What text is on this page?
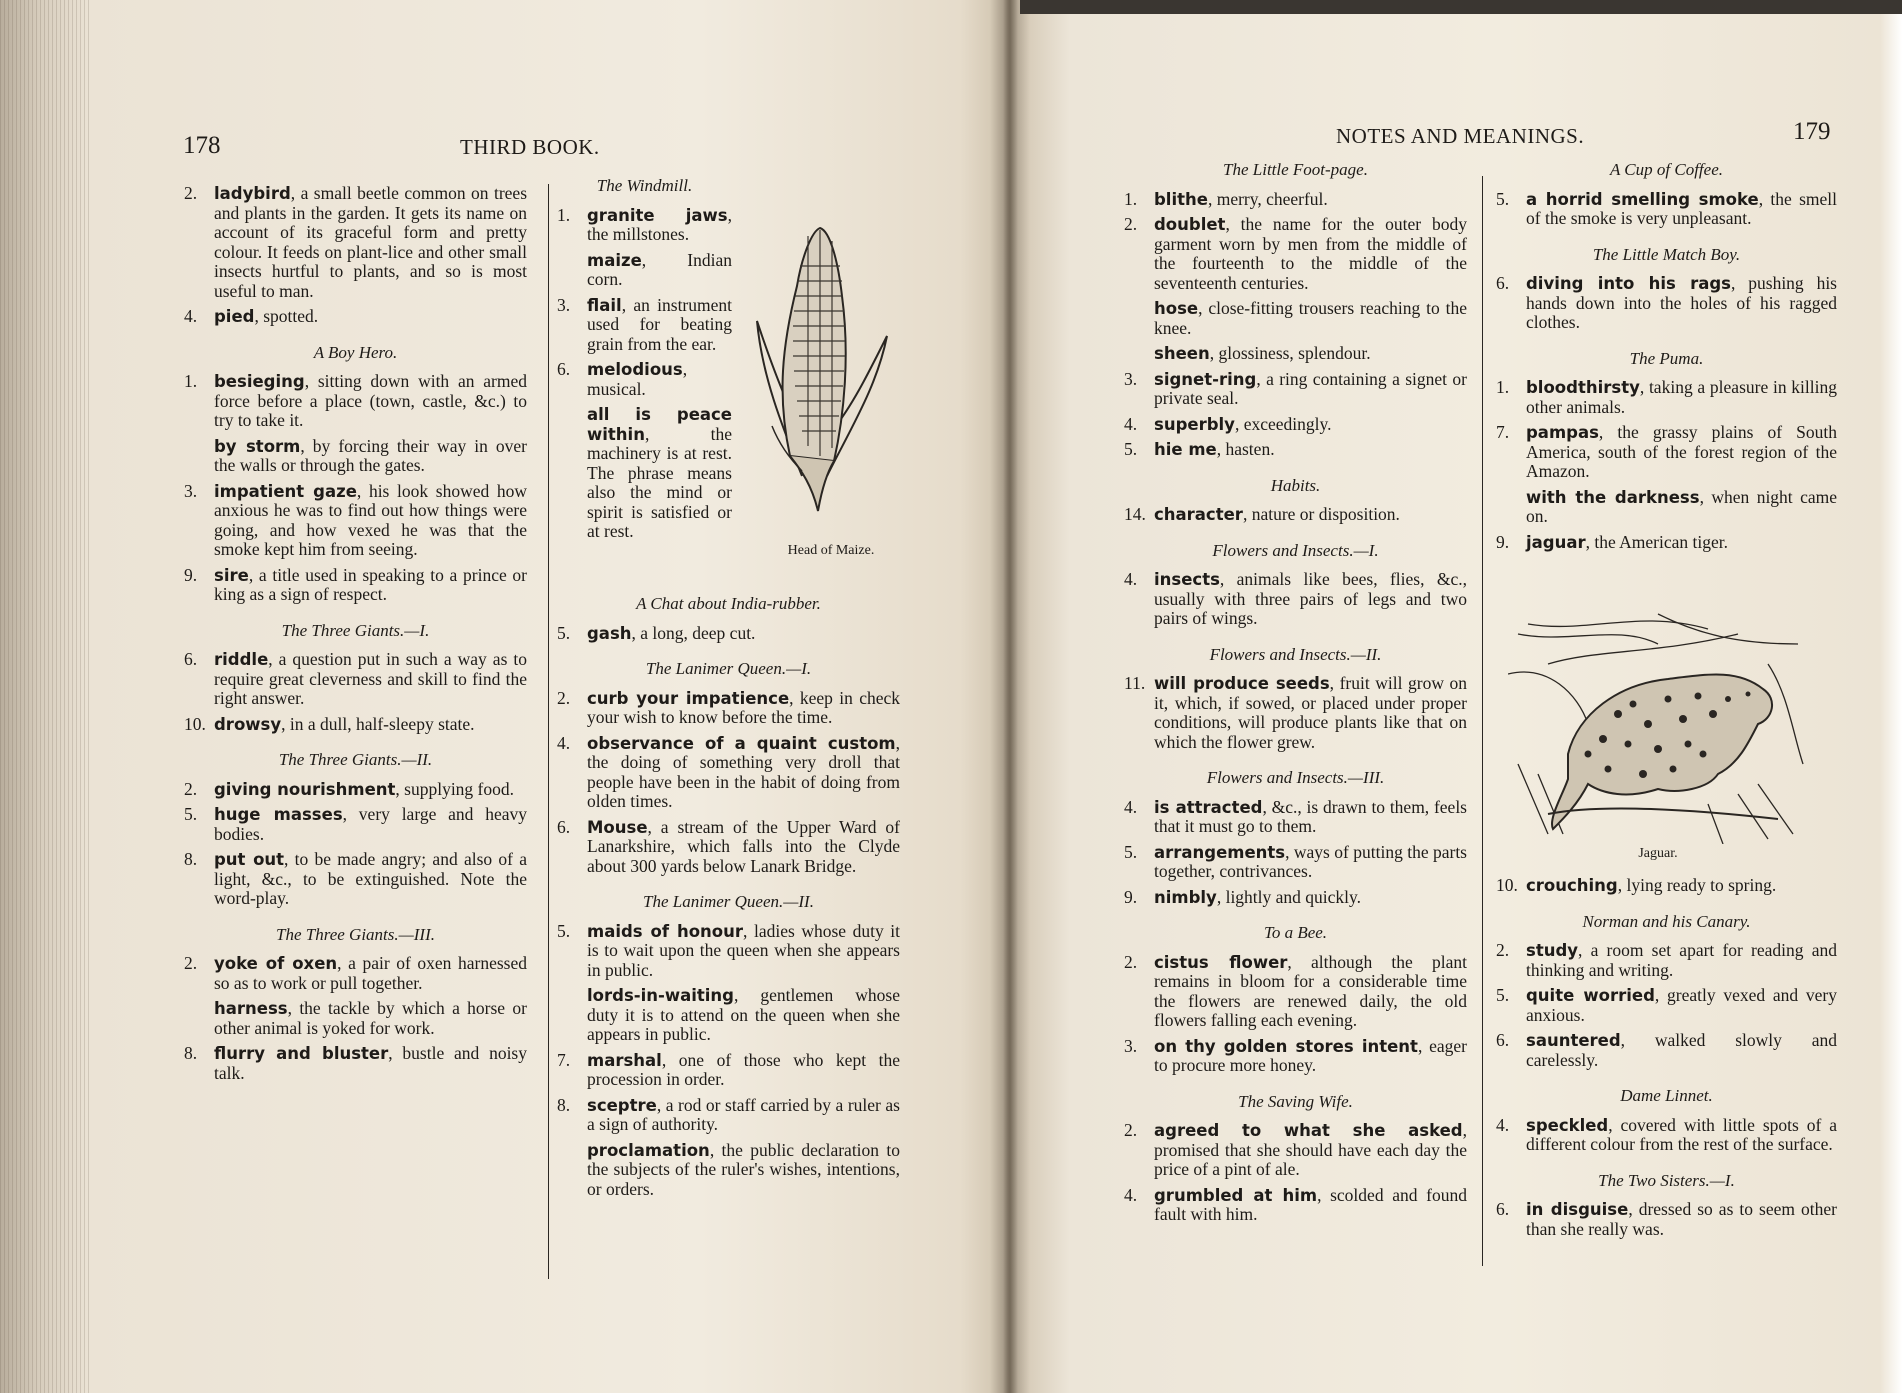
178	THIRD BOOK.
2. ladybird, a small beetle common on trees and plants in the garden. It gets its name on account of its graceful form and pretty colour. It feeds on plant-lice and other small insects hurtful to plants, and so is most useful to man.
4. pied, spotted.
A Boy Hero.
1. besieging, sitting down with an armed force before a place (town, castle, &c.) to try to take it.
by storm, by forcing their way in over the walls or through the gates.
3. impatient gaze, his look showed how anxious he was to find out how things were going, and how vexed he was that the smoke kept him from seeing.
9. sire, a title used in speaking to a prince or king as a sign of respect.
The Three Giants.—I.
6. riddle, a question put in such a way as to require great cleverness and skill to find the right answer.
10. drowsy, in a dull, half-sleepy state.
The Three Giants.—II.
2. giving nourishment, supplying food.
5. huge masses, very large and heavy bodies.
8. put out, to be made angry; and also of a light, &c., to be extinguished. Note the word-play.
The Three Giants.—III.
2. yoke of oxen, a pair of oxen harnessed so as to work or pull together.
harness, the tackle by which a horse or other animal is yoked for work.
8. flurry and bluster, bustle and noisy talk.
The Windmill.
1. granite jaws, the millstones.
maize, Indian corn.
3. flail, an instrument used for beating grain from the ear.
6. melodious, musical.
all is peace within, the machinery is at rest. The phrase means also the mind or spirit is satisfied or at rest.
A Chat about India-rubber.
5. gash, a long, deep cut.
The Lanimer Queen.—I.
2. curb your impatience, keep in check your wish to know before the time.
4. observance of a quaint custom, the doing of something very droll that people have been in the habit of doing from olden times.
6. Mouse, a stream of the Upper Ward of Lanarkshire, which falls into the Clyde about 300 yards below Lanark Bridge.
The Lanimer Queen.—II.
5. maids of honour, ladies whose duty it is to wait upon the queen when she appears in public.
lords-in-waiting, gentlemen whose duty it is to attend on the queen when she appears in public.
7. marshal, one of those who kept the procession in order.
8. sceptre, a rod or staff carried by a ruler as a sign of authority.
proclamation, the public declaration to the subjects of the ruler's wishes, intentions, or orders.
Head of Maize.
NOTES AND MEANINGS.	179
The Little Foot-page.
1. blithe, merry, cheerful.
2. doublet, the name for the outer body garment worn by men from the middle of the fourteenth to the middle of the seventeenth centuries.
hose, close-fitting trousers reaching to the knee.
sheen, glossiness, splendour.
3. signet-ring, a ring containing a signet or private seal.
4. superbly, exceedingly.
5. hie me, hasten.
Habits.
14. character, nature or disposition.
Flowers and Insects.—I.
4. insects, animals like bees, flies, &c., usually with three pairs of legs and two pairs of wings.
Flowers and Insects.—II.
11. will produce seeds, fruit will grow on it, which, if sowed, or placed under proper conditions, will produce plants like that on which the flower grew.
Flowers and Insects.—III.
4. is attracted, &c., is drawn to them, feels that it must go to them.
5. arrangements, ways of putting the parts together, contrivances.
9. nimbly, lightly and quickly.
To a Bee.
2. cistus flower, although the plant remains in bloom for a considerable time the flowers are renewed daily, the old flowers falling each evening.
3. on thy golden stores intent, eager to procure more honey.
The Saving Wife.
2. agreed to what she asked, promised that she should have each day the price of a pint of ale.
4. grumbled at him, scolded and found fault with him.
A Cup of Coffee.
5. a horrid smelling smoke, the smell of the smoke is very unpleasant.
The Little Match Boy.
6. diving into his rags, pushing his hands down into the holes of his ragged clothes.
The Puma.
1. bloodthirsty, taking a pleasure in killing other animals.
7. pampas, the grassy plains of South America, south of the forest region of the Amazon.
with the darkness, when night came on.
9. jaguar, the American tiger.
10. crouching, lying ready to spring.
Norman and his Canary.
2. study, a room set apart for reading and thinking and writing.
5. quite worried, greatly vexed and very anxious.
6. sauntered, walked slowly and carelessly.
Dame Linnet.
4. speckled, covered with little spots of a different colour from the rest of the surface.
The Two Sisters.—I.
6. in disguise, dressed so as to seem other than she really was.
Jaguar.
